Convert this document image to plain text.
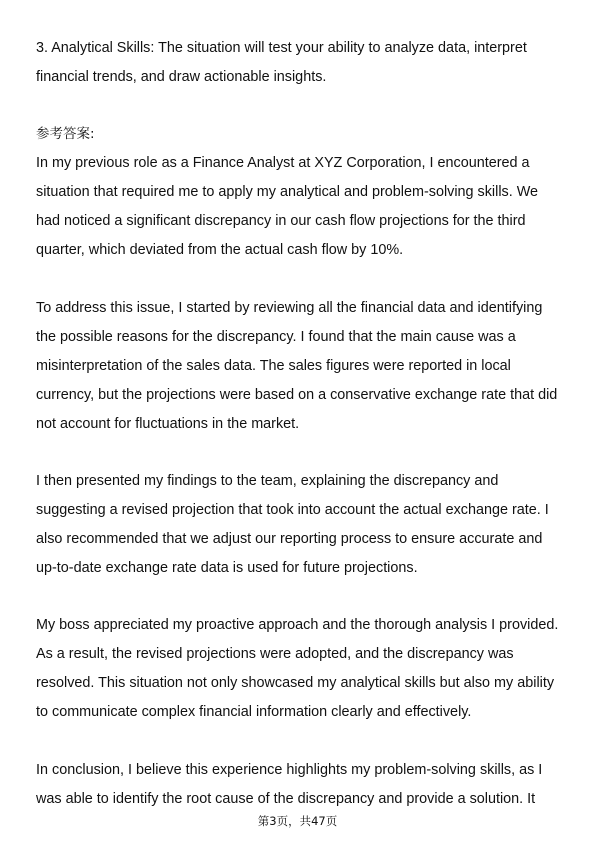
3. Analytical Skills: The situation will test your ability to analyze data, interpret
financial trends, and draw actionable insights.
参考答案:
In my previous role as a Finance Analyst at XYZ Corporation, I encountered a
situation that required me to apply my analytical and problem-solving skills. We
had noticed a significant discrepancy in our cash flow projections for the third
quarter, which deviated from the actual cash flow by 10%.
To address this issue, I started by reviewing all the financial data and identifying
the possible reasons for the discrepancy. I found that the main cause was a
misinterpretation of the sales data. The sales figures were reported in local
currency, but the projections were based on a conservative exchange rate that did
not account for fluctuations in the market.
I then presented my findings to the team, explaining the discrepancy and
suggesting a revised projection that took into account the actual exchange rate. I
also recommended that we adjust our reporting process to ensure accurate and
up-to-date exchange rate data is used for future projections.
My boss appreciated my proactive approach and the thorough analysis I provided.
As a result, the revised projections were adopted, and the discrepancy was
resolved. This situation not only showcased my analytical skills but also my ability
to communicate complex financial information clearly and effectively.
In conclusion, I believe this experience highlights my problem-solving skills, as I
was able to identify the root cause of the discrepancy and provide a solution. It
第3页，共47页
